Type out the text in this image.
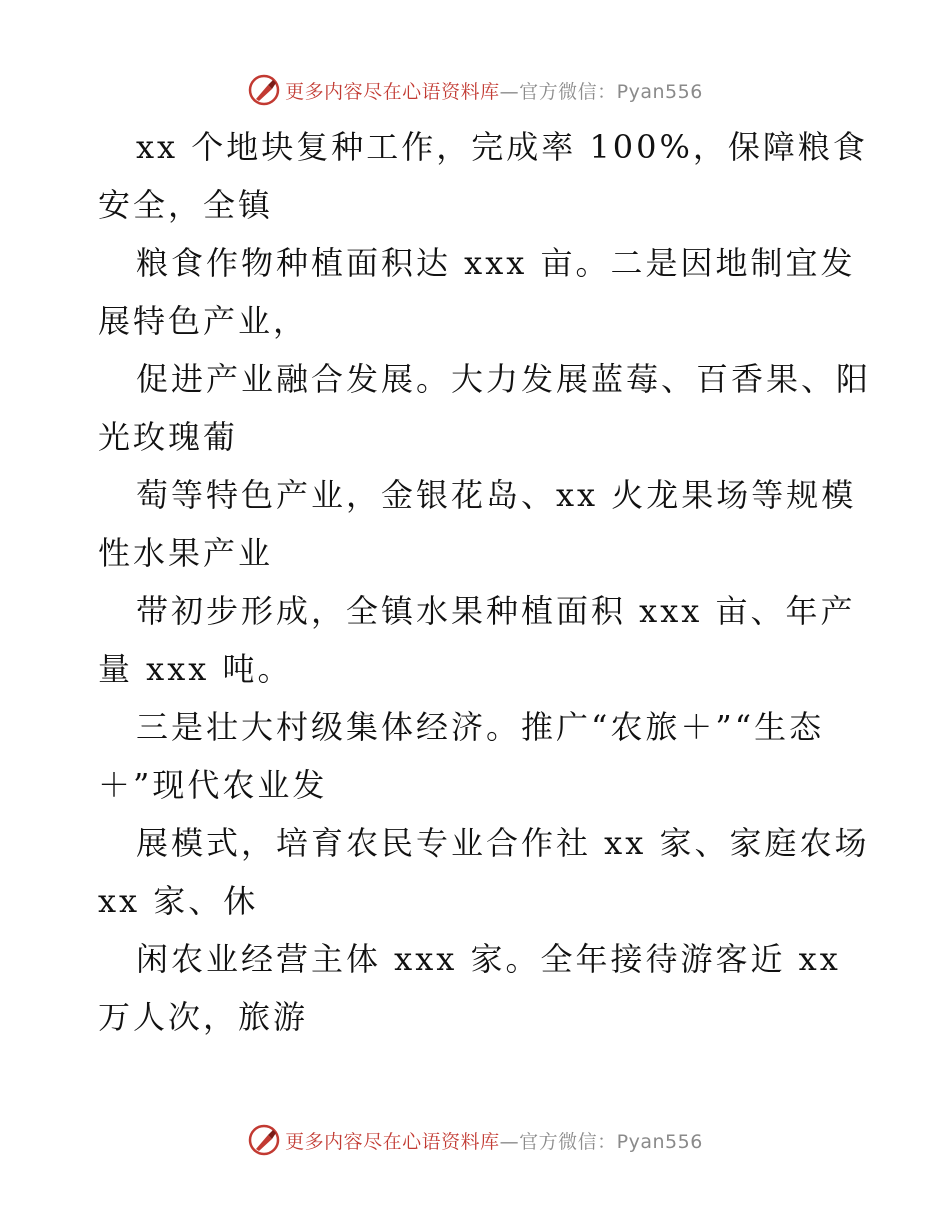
更多内容尽在心语资料库—官方微信：Pyan556
xx 个地块复种工作，完成率 100%，保障粮食
安全，全镇
粮食作物种植面积达 xxx 亩。二是因地制宜发
展特色产业，
促进产业融合发展。大力发展蓝莓、百香果、阳
光玫瑰葡
萄等特色产业，金银花岛、xx 火龙果场等规模
性水果产业
带初步形成，全镇水果种植面积 xxx 亩、年产
量 xxx 吨。
三是壮大村级集体经济。推广“农旅＋”“生态
＋”现代农业发
展模式，培育农民专业合作社 xx 家、家庭农场
xx 家、休
闲农业经营主体 xxx 家。全年接待游客近 xx
万人次，旅游
更多内容尽在心语资料库—官方微信：Pyan556
